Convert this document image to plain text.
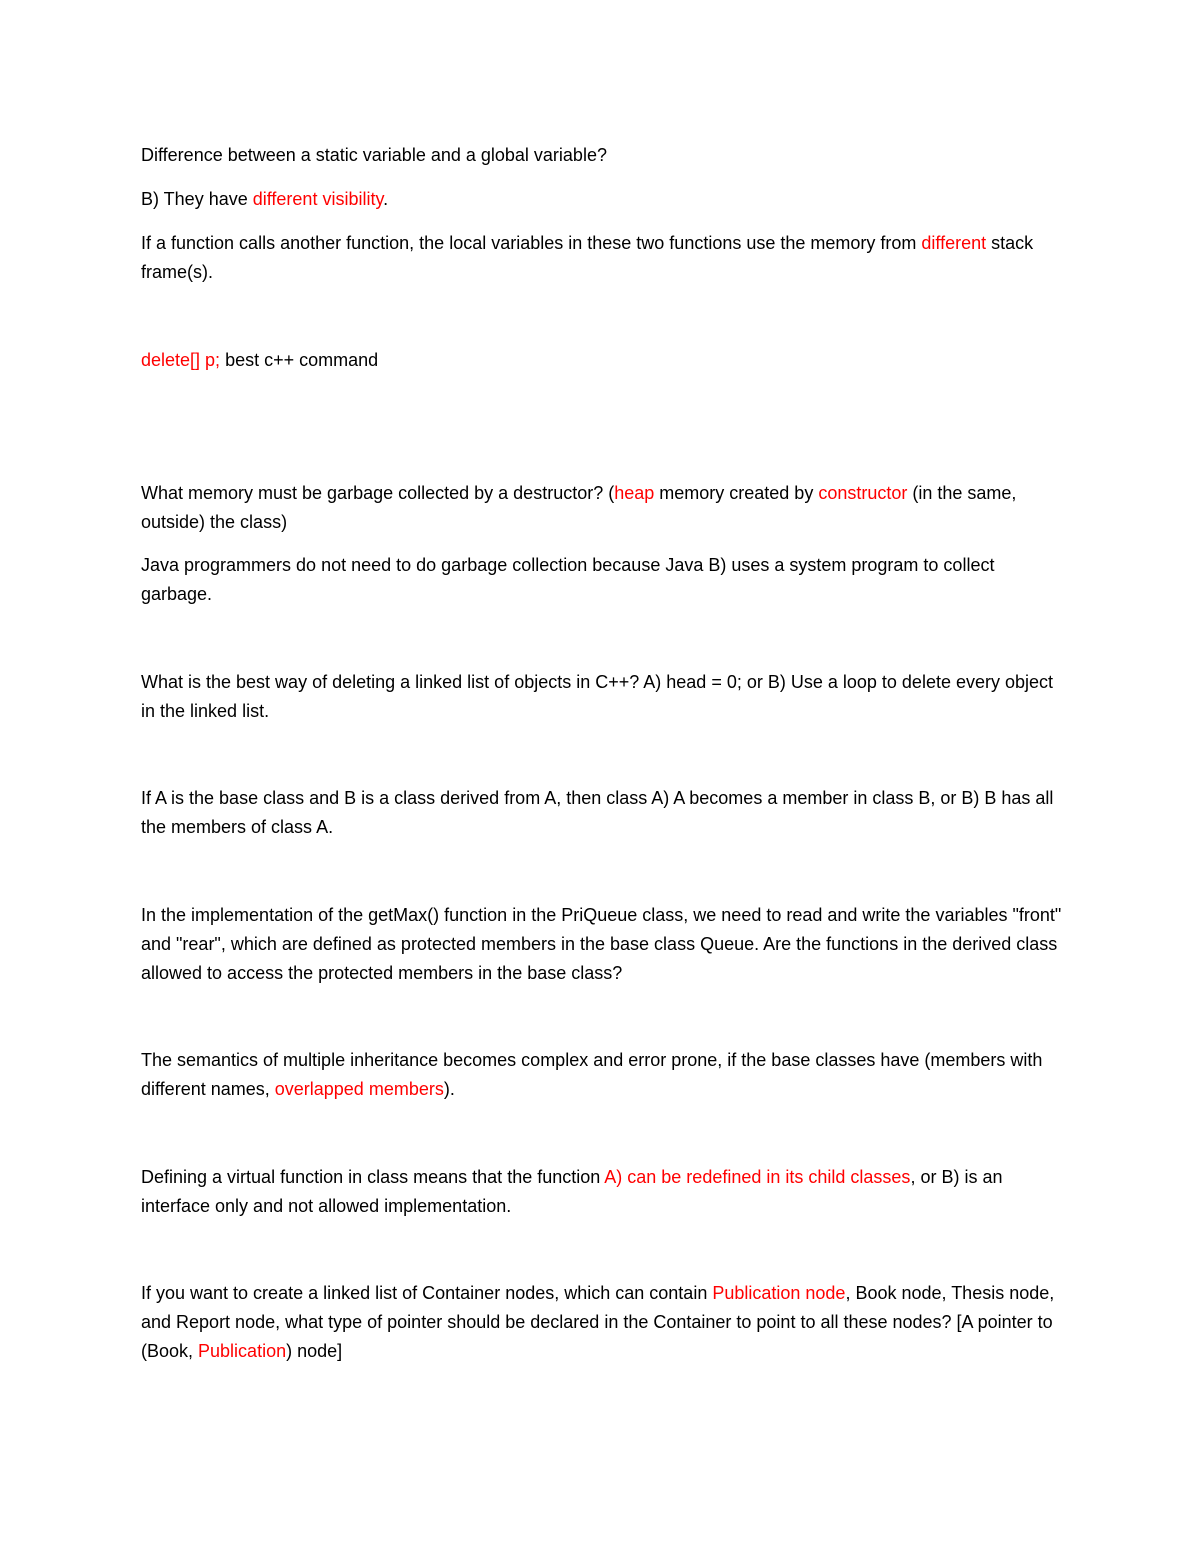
Difference between a static variable and a global variable?

B) They have different visibility.

If a function calls another function, the local variables in these two functions use the memory from different stack frame(s).

delete[] p; best c++ command

What memory must be garbage collected by a destructor? (heap memory created by constructor (in the same, outside) the class)

Java programmers do not need to do garbage collection because Java B) uses a system program to collect garbage.

What is the best way of deleting a linked list of objects in C++? A) head = 0; or B) Use a loop to delete every object in the linked list.

If A is the base class and B is a class derived from A, then class A) A becomes a member in class B, or B) B has all the members of class A.

In the implementation of the getMax() function in the PriQueue class, we need to read and write the variables "front" and "rear", which are defined as protected members in the base class Queue. Are the functions in the derived class allowed to access the protected members in the base class?

The semantics of multiple inheritance becomes complex and error prone, if the base classes have (members with different names, overlapped members).

Defining a virtual function in class means that the function A) can be redefined in its child classes, or B) is an interface only and not allowed implementation.

If you want to create a linked list of Container nodes, which can contain Publication node, Book node, Thesis node, and Report node, what type of pointer should be declared in the Container to point to all these nodes? [A pointer to (Book, Publication) node]
